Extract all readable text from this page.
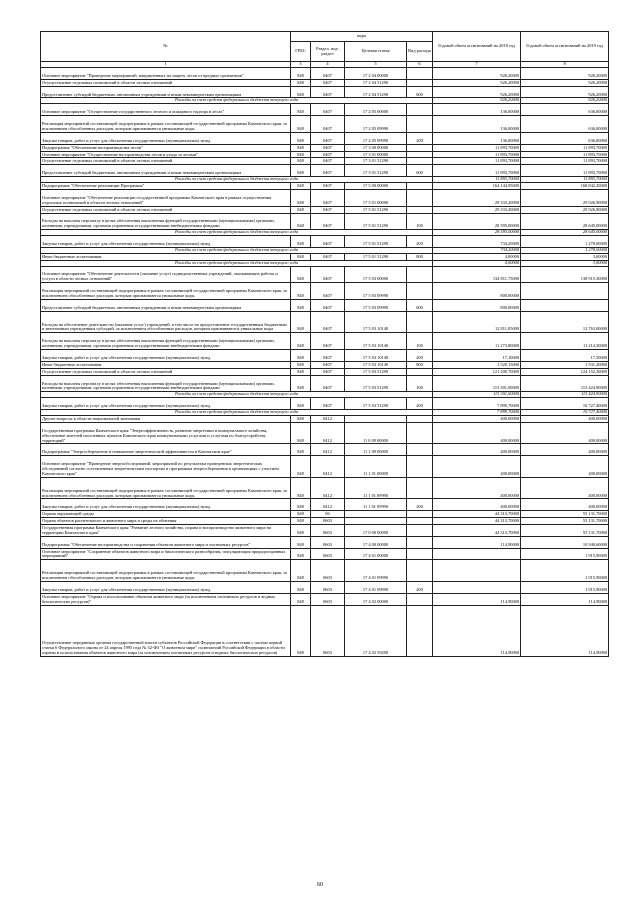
№	коды				Годовой объем ассигнований на 2018 год	Годовой объем ассигнований на 2019 год
	ГРБС	Раздел, под-раздел	Целевая статья	Вид расхода		
1	3	4	5	6	7	8
Основное мероприятие "Проведение мероприятий, направленных на защиту лесов от вредных организмов"	848	0407	17 2 04 00000		926,20000	926,20000
Осуществление отдельных полномочий в области лесных отношений	848	0407	17 2 04 51290		926,20000	926,20000
Предоставление субсидий бюджетным, автономным учреждениям и иным некоммерческим организациям	848	0407	17 2 04 51290	600	926,20000	926,20000
Расходы за счет средств федерального бюджета текущего года					926,20000	926,20000
Основное мероприятие "Осуществление государственного лесного и пожарного надзора в лесах"	848	0407	17 2 05 00000		136,00000	636,00000
Реализация мероприятий составляющей подпрограммы в рамках составляющей государственной программы Камчатского края, за исключением обособленных расходов, которым присваиваются уникальные коды	848	0407	17 2 05 09990		136,00000	636,00000
Закупка товаров, работ и услуг для обеспечения государственных (муниципальных) нужд	848	0407	17 2 05 09990	200	136,00000	636,00000
Подпрограмма "Обеспечение воспроизводства лесов"	848	0407	17 3 00 00000		11 893,70000	11 893,70000
Основное мероприятие "Осуществление воспроизводства лесов и ухода за лесами"	848	0407	17 3 01 00000		11 893,70000	11 893,70000
Осуществление отдельных полномочий в области лесных отношений	848	0407	17 3 01 51290		11 893,70000	11 893,70000
Предоставление субсидий бюджетным, автономным учреждениям и иным некоммерческим организациям	848	0407	17 3 01 51290	600	11 893,70000	11 893,70000
Расходы за счет средств федерального бюджета текущего года					11 893,70000	11 893,70000
Подпрограмма "Обеспечение реализации Программы"	848	0407	17 5 00 00000		164 144,95000	168 842,20000
Основное мероприятие "Обеспечение реализации государственной программы Камчатского края в рамках осуществления отдельных полномочий в области лесных отношений"	848	0407	17 5 01 00000		29 333,20000	29 926,90000
Осуществление отдельных полномочий в области лесных отношений	848	0407	17 5 01 51290		29 333,20000	29 926,90000
Расходы на выплаты персоналу в целях обеспечения выполнения функций государственными (муниципальными) органами, казенными учреждениями, органами управления государственными внебюджетными фондами	848	0407	17 5 01 51290	100	28 595,00000	28 645,00000
Расходы за счет средств федерального бюджета текущего года					28 595,00000	28 645,00000
Закупка товаров, работ и услуг для обеспечения государственных (муниципальных) нужд	848	0407	17 5 01 51290	200	734,20000	1 278,00000
Расходы за счет средств федерального бюджета текущего года					734,20000	1 278,00000
Иные бюджетные ассигнования	848	0407	17 5 01 51290	800	4,00000	3,00000
Расходы за счет средств федерального бюджета текущего года					4,00000	3,00000
Основное мероприятие "Обеспечение деятельности (оказание услуг) подведомственных учреждений, оказывающих работы и услуги в области лесных отношений"	848	0407	17 5 03 00000		134 811,75000	138 915,30000
Реализация мероприятий составляющей подпрограммы в рамках составляющей государственной программы Камчатского края, за исключением обособленных расходов, которым присваиваются уникальные коды	848	0407	17 5 03 09990		800,00000	
Предоставление субсидий бюджетным, автономным учреждениям и иным некоммерческим организациям	848	0407	17 5 03 09990	600	800,00000	
Расходы на обеспечение деятельности (оказание услуг) учреждений, в том числе на предоставление государственным бюджетным и автономным учреждениям субсидий, за исключением обособленных расходов, которым присваиваются уникальные коды	848	0407	17 5 03 10140		12 811,05000	12 763,00000
Расходы на выплаты персоналу в целях обеспечения выполнения функций государственными (муниципальными) органами, казенными учреждениями, органами управления государственными внебюджетными фондами	848	0407	17 5 03 10140	100	11 273,80000	11 214,30000
Закупка товаров, работ и услуг для обеспечения государственных (муниципальных) нужд	848	0407	17 5 03 10140	200	17,10000	17,50000
Иные бюджетные ассигнования	848	0407	17 5 03 10140	800	1 520,15000	1 531,20000
Осуществление отдельных полномочий в области лесных отношений	848	0407	17 5 03 51290		121 200,70000	124 152,30000
Расходы на выплаты персоналу в целях обеспечения выполнения функций государственными (муниципальными) органами, казенными учреждениями, органами управления государственными внебюджетными фондами	848	0407	17 5 03 51290	100	113 301,00000	113 424,90000
Расходы за счет средств федерального бюджета текущего года					113 301,00000	113 424,90000
Закупка товаров, работ и услуг для обеспечения государственных (муниципальных) нужд	848	0407	17 5 03 51290	200	7 899,70000	10 727,40000
Расходы за счет средств федерального бюджета текущего года					7 899,70000	10 727,40000
Другие вопросы в области национальной экономики	848	0412			400,00000	400,00000
Государственная программа Камчатского края "Энергоэффективность, развитие энергетики и коммунального хозяйства, обеспечение жителей населенных пунктов Камчатского края коммунальными услугами и услугами по благоустройству территорий"	848	0412	11 0 00 00000		400,00000	400,00000
Подпрограмма "Энергосбережение и повышение энергетической эффективности в Камчатском крае"	848	0412	11 1 00 00000		400,00000	400,00000
Основное мероприятие "Проведение энергообследований, мероприятий по результатам проведенных энергетических обследований согласно составленным энергетическим паспортам и программам энергосбережения в организациях с участием Камчатского края"	848	0412	11 1 01 00000		400,00000	400,00000
Реализация мероприятий составляющей подпрограммы в рамках составляющей государственной программы Камчатского края, за исключением обособленных расходов, которым присваиваются уникальные коды	848	0412	11 1 01 09990		400,00000	400,00000
Закупка товаров, работ и услуг для обеспечения государственных (муниципальных) нужд	848	0412	11 1 01 09990	200	400,00000	400,00000
Охрана окружающей среды	848	06			44 313,70000	55 131,70000
Охрана объектов растительного и животного мира и среды их обитания	848	0603			44 313,70000	55 131,70000
Государственная программа Камчатского края "Развитие лесного хозяйства, охрана и воспроизводство животного мира на территории Камчатского края"	848	0603	17 0 00 00000		44 313,70000	55 131,70000
Подпрограмма "Обеспечение воспроизводства и сохранения объектов животного мира и охотничьих ресурсов"	848	0603	17 4 00 00000		114,90000	10 940,60000
Основное мероприятие "Сохранение объектов животного мира и биологического разнообразия, популяризация природоохранных мероприятий"	848	0603	17 4 01 00000			1 915,90000
Реализация мероприятий составляющей подпрограммы в рамках составляющей государственной программы Камчатского края, за исключением обособленных расходов, которым присваиваются уникальные коды	848	0603	17 4 01 09990			1 915,90000
Закупка товаров, работ и услуг для обеспечения государственных (муниципальных) нужд	848	0603	17 4 01 09990	200		1 915,90000
Основное мероприятие "Охрана и использование объектов животного мира (за исключением охотничьих ресурсов и водных биологических ресурсов)"	848	0603	17 4 02 00000		114,90000	114,90000
Осуществление переданных органам государственной власти субъектов Российской Федерации в соответствии с частью первой статьи 6 Федерального закона от 24 апреля 1995 года № 52-ФЗ "О животном мире" полномочий Российской Федерации в области охраны и использования объектов животного мира (за исключением охотничьих ресурсов и водных биологических ресурсов)	848	0603	17 4 02 59200		114,90000	114,90000
60
